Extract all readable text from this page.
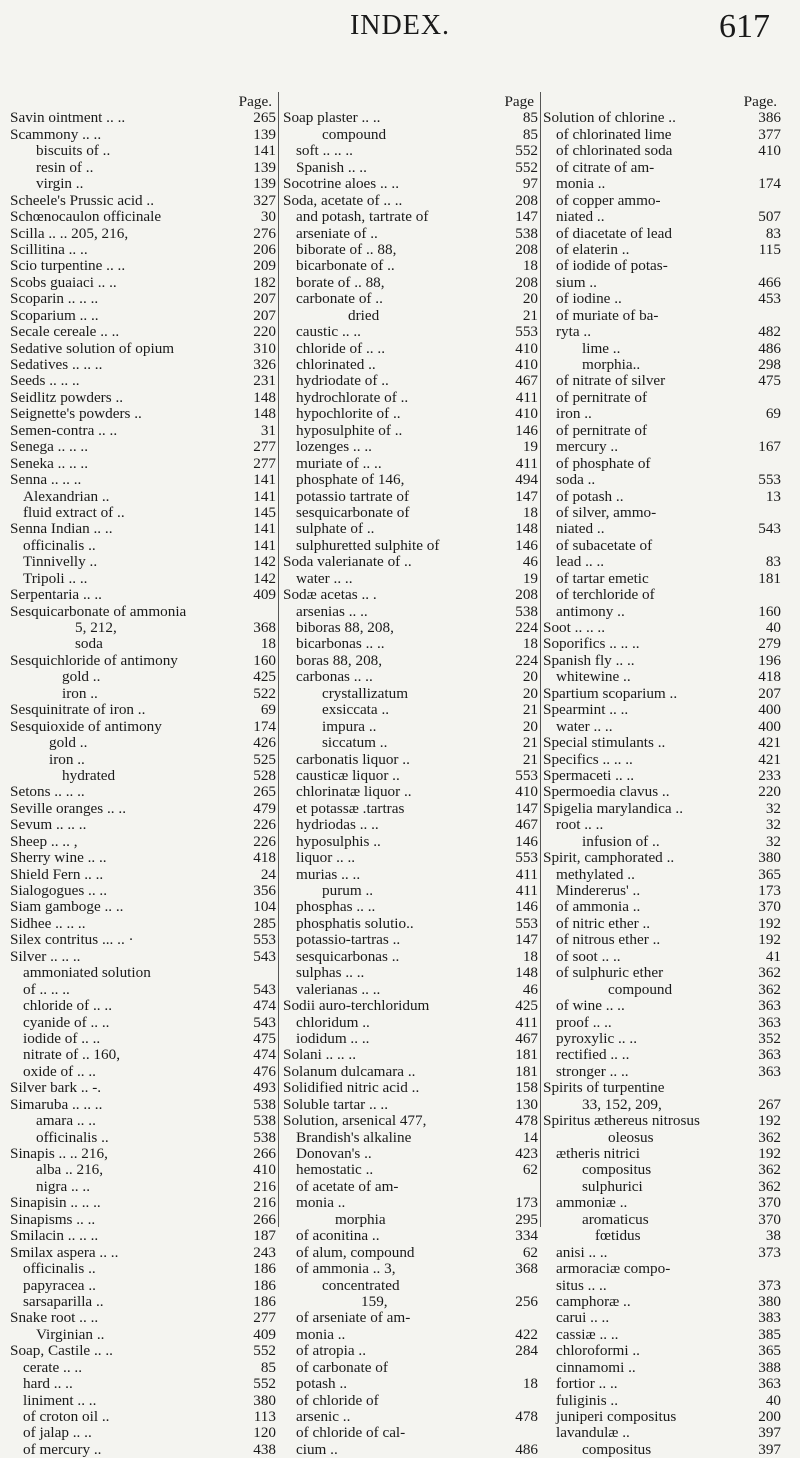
INDEX.	617
Page.
Savin ointment .. ..	265
Scammony .. ..	139
biscuits of ..	141
resin of ..	139
virgin ..	139
Scheele's Prussic acid ..	327
Schœnocaulon officinale	30
Scilla .. .. 205, 216,	276
Scillitina .. ..	206
Scio turpentine .. ..	209
Scobs guaiaci .. ..	182
Scoparin .. .. ..	207
Scoparium .. ..	207
Secale cereale .. ..	220
Sedative solution of opium	310
Sedatives .. .. ..	326
Seeds .. .. ..	231
Seidlitz powders ..	148
Seignette's powders ..	148
Semen-contra .. ..	31
Senega .. .. ..	277
Seneka .. .. ..	277
Senna .. .. ..	141
Alexandrian ..	141
fluid extract of ..	145
Senna Indian .. ..	141
officinalis ..	141
Tinnivelly ..	142
Tripoli .. ..	142
Serpentaria .. ..	409
Sesquicarbonate of ammonia
5, 212,	368
soda	18
Sesquichloride of antimony	160
gold ..	425
iron ..	522
Sesquinitrate of iron ..	69
Sesquioxide of antimony	174
gold ..	426
iron ..	525
hydrated	528
Setons .. .. ..	265
Seville oranges .. ..	479
Sevum .. .. ..	226
Sheep .. .. ,	226
Sherry wine .. ..	418
Shield Fern .. ..	24
Sialogogues .. ..	356
Siam gamboge .. ..	104
Sidhee .. .. ..	285
Silex contritus ... .. ·	553
Silver .. .. ..	543
ammoniated solution
of .. .. ..	543
chloride of .. ..	474
cyanide of .. ..	543
iodide of .. ..	475
nitrate of .. 160,	474
oxide of .. ..	476
Silver bark .. -.	493
Simaruba .. .. ..	538
amara .. ..	538
officinalis ..	538
Sinapis .. .. 216,	266
alba .. 216,	410
nigra .. ..	216
Sinapisin .. .. ..	216
Sinapisms .. ..	266
Smilacin .. .. ..	187
Smilax aspera .. ..	243
officinalis ..	186
papyracea ..	186
sarsaparilla ..	186
Snake root .. ..	277
Virginian ..	409
Soap, Castile .. ..	552
cerate .. ..	85
hard .. ..	552
liniment .. ..	380
of croton oil ..	113
of jalap .. ..	120
of mercury ..	438
Page
Soap plaster .. ..	85
compound	85
soft .. .. ..	552
Spanish .. ..	552
Socotrine aloes .. ..	97
Soda, acetate of .. ..	208
and potash, tartrate of	147
arseniate of ..	538
biborate of .. 88,	208
bicarbonate of ..	18
borate of .. 88,	208
carbonate of ..	20
dried	21
caustic .. ..	553
chloride of .. ..	410
chlorinated ..	410
hydriodate of ..	467
hydrochlorate of ..	411
hypochlorite of ..	410
hyposulphite of ..	146
lozenges .. ..	19
muriate of .. ..	411
phosphate of 146,	494
potassio tartrate of	147
sesquicarbonate of	18
sulphate of ..	148
sulphuretted sulphite of	146
Soda valerianate of ..	46
water .. ..	19
Sodæ acetas .. .	208
arsenias .. ..	538
biboras 88, 208,	224
bicarbonas .. ..	18
boras 88, 208,	224
carbonas .. ..	20
crystallizatum	20
exsiccata ..	21
impura ..	20
siccatum ..	21
carbonatis liquor ..	21
causticæ liquor ..	553
chlorinatæ liquor ..	410
et potassæ .tartras	147
hydriodas .. ..	467
hyposulphis ..	146
liquor .. ..	553
murias .. ..	411
purum ..	411
phosphas .. ..	146
phosphatis solutio..	553
potassio-tartras ..	147
sesquicarbonas ..	18
sulphas .. ..	148
valerianas .. ..	46
Sodii auro-terchloridum	425
chloridum ..	411
iodidum .. ..	467
Solani .. .. ..	181
Solanum dulcamara ..	181
Solidified nitric acid ..	158
Soluble tartar .. ..	130
Solution, arsenical 477,	478
Brandish's alkaline	14
Donovan's ..	423
hemostatic ..	62
of acetate of am-
monia ..	173
morphia	295
of aconitina ..	334
of alum, compound	62
of ammonia .. 3,	368
concentrated
159,	256
of arseniate of am-
monia ..	422
of atropia ..	284
of carbonate of
potash ..	18
of chloride of
arsenic ..	478
of chloride of cal-
cium ..	486
Page.
Solution of chlorine ..	386
of chlorinated lime	377
of chlorinated soda	410
of citrate of am-
monia ..	174
of copper ammo-
niated ..	507
of diacetate of lead	83
of elaterin ..	115
of iodide of potas-
sium ..	466
of iodine ..	453
of muriate of ba-
ryta ..	482
lime ..	486
morphia..	298
of nitrate of silver	475
of pernitrate of
iron ..	69
of pernitrate of
mercury ..	167
of phosphate of
soda ..	553
of potash ..	13
of silver, ammo-
niated ..	543
of subacetate of
lead .. ..	83
of tartar emetic	181
of terchloride of
antimony ..	160
Soot .. .. ..	40
Soporifics .. .. ..	279
Spanish fly .. ..	196
whitewine ..	418
Spartium scoparium ..	207
Spearmint .. ..	400
water .. ..	400
Special stimulants ..	421
Specifics .. .. ..	421
Spermaceti .. ..	233
Spermoedia clavus ..	220
Spigelia marylandica ..	32
root .. ..	32
infusion of ..	32
Spirit, camphorated ..	380
methylated ..	365
Mindererus' ..	173
of ammonia ..	370
of nitric ether ..	192
of nitrous ether ..	192
of soot .. ..	41
of sulphuric ether	362
compound	362
of wine .. ..	363
proof .. ..	363
pyroxylic .. ..	352
rectified .. ..	363
stronger .. ..	363
Spirits of turpentine
33, 152, 209,	267
Spiritus æthereus nitrosus	192
oleosus	362
ætheris nitrici	192
compositus	362
sulphurici	362
ammoniæ ..	370
aromaticus	370
fœtidus	38
anisi .. ..	373
armoraciæ compo-
situs .. ..	373
camphoræ ..	380
carui .. ..	383
cassiæ .. ..	385
chloroformi ..	365
cinnamomi ..	388
fortior .. ..	363
fuliginis ..	40
juniperi compositus	200
lavandulæ ..	397
compositus	397
